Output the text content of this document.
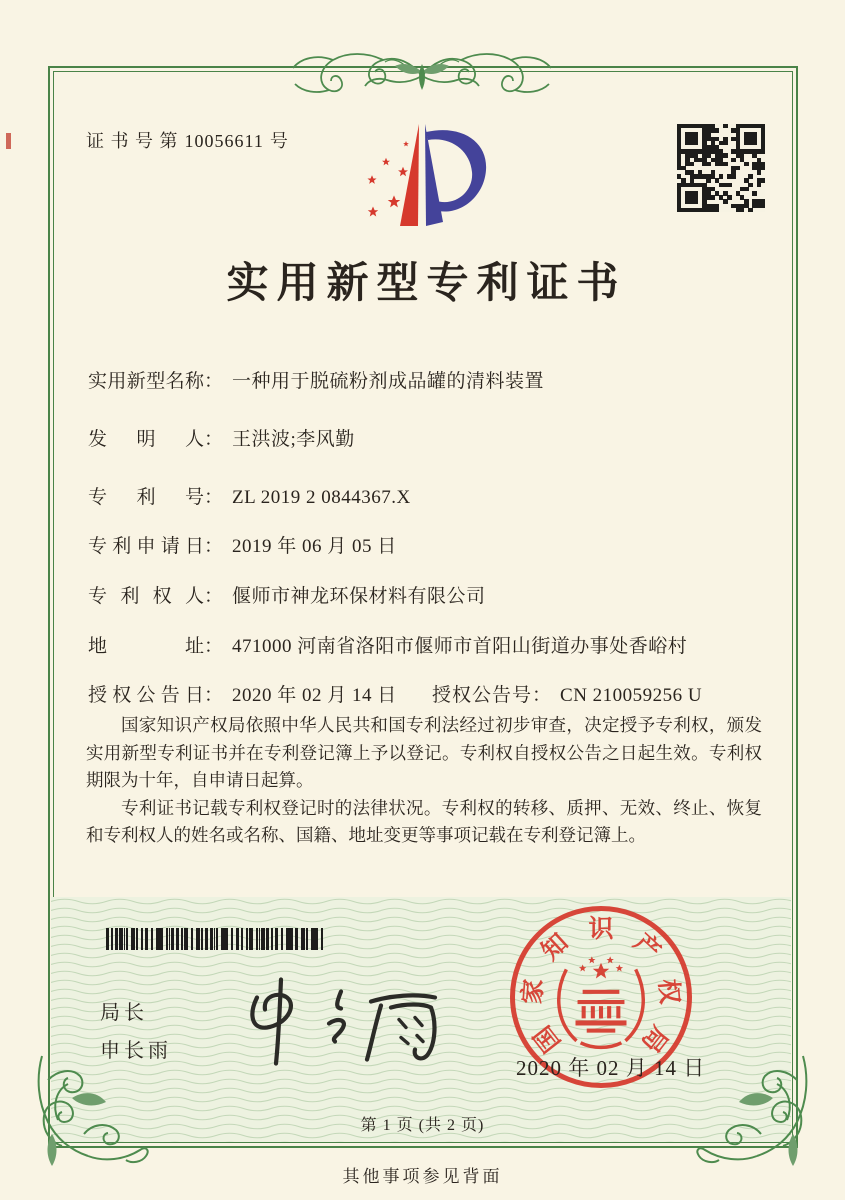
证 书 号 第 10056611 号
实用新型专利证书
实用新型名称 ： 一种用于脱硫粉剂成品罐的清料装置
发明人 ： 王洪波;李风勤
专利号 ： ZL 2019 2 0844367.X
专利申请日 ： 2019 年 06 月 05 日
专利权人 ： 偃师市神龙环保材料有限公司
地址 ： 471000 河南省洛阳市偃师市首阳山街道办事处香峪村
授权公告日 ： 2020 年 02 月 14 日 授权公告号 ： CN 210059256 U

国家知识产权局依照中华人民共和国专利法经过初步审查，决定授予专利权，颁发实用新型专利证书并在专利登记簿上予以登记。专利权自授权公告之日起生效。专利权期限为十年，自申请日起算。

专利证书记载专利权登记时的法律状况。专利权的转移、质押、无效、终止、恢复和专利权人的姓名或名称、国籍、地址变更等事项记载在专利登记簿上。

局长
申长雨	国
家
知 识 产
权
局
2020 年 02 月 14 日
第 1 页 (共 2 页)
其他事项参见背面
